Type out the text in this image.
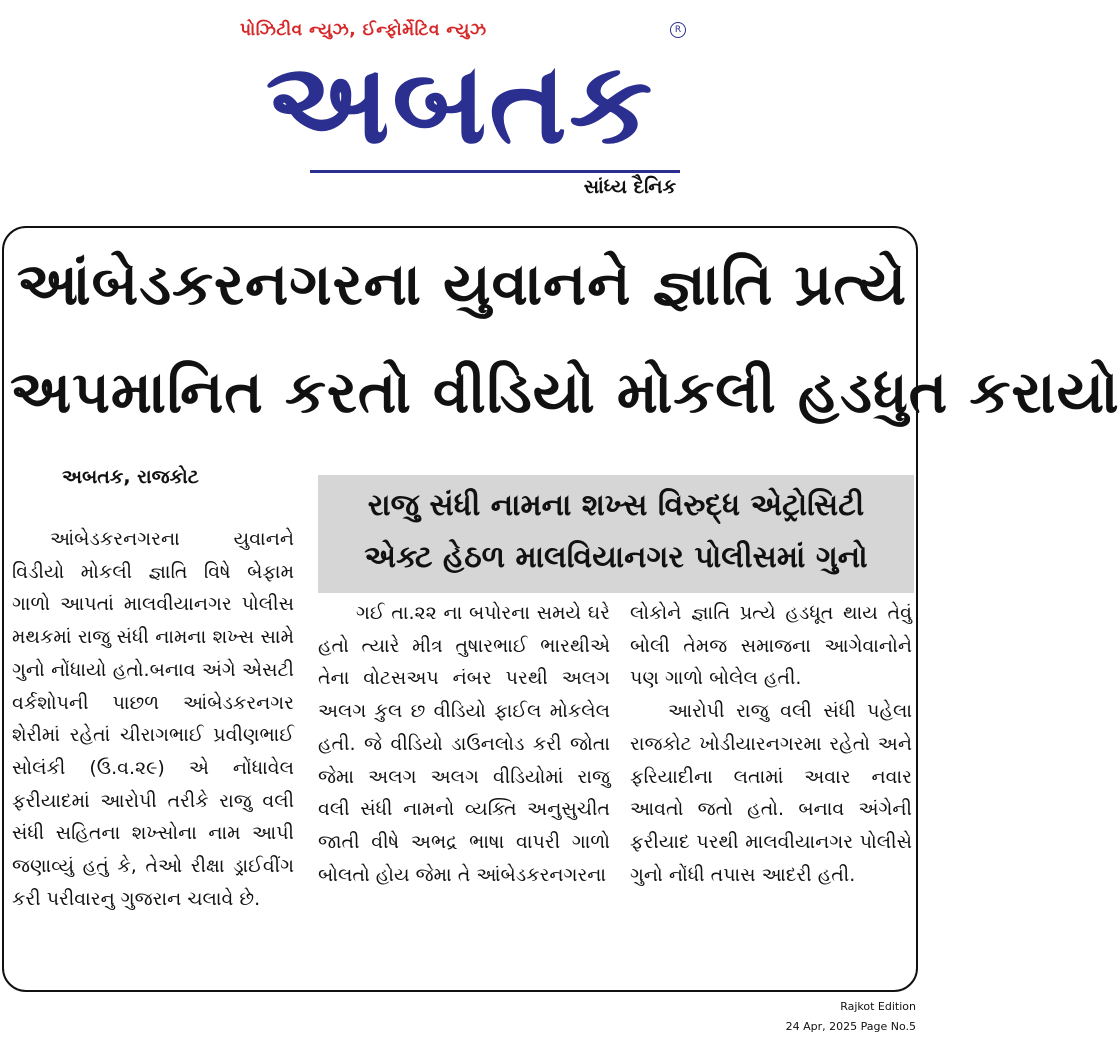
પોઝિટીવ ન્યુઝ, ઈન્ફોર્મેટિવ ન્યુઝ	R
અબતક
સાંધ્ય દૈનિક
આંબેડકરનગરના યુવાનને જ્ઞાતિ પ્રત્યે
અપમાનિત કરતો વીડિયો મોકલી હડધુત કરાયો
રાજુ સંધી નામના શખ્સ વિરુદ્ધ એટ્રોસિટી
એક્ટ હેઠળ માલવિયાનગર પોલીસમાં ગુનો
અબતક, રાજકોટ

આંબેડકરનગરના યુવાનને વિડીયો મોકલી જ્ઞાતિ વિષે બેફામ ગાળો આપતાં માલવીયાનગર પોલીસ મથકમાં રાજુ સંધી નામના શખ્સ સામે ગુનો નોંધાયો હતો.બનાવ અંગે એસટી વર્કશોપની પાછળ આંબેડકરનગર શેરીમાં રહેતાં ચીરાગભાઈ પ્રવીણભાઈ સોલંકી (ઉ.વ.૨૯) એ નોંધાવેલ ફરીયાદમાં આરોપી તરીકે રાજુ વલી સંધી સહિતના શખ્સોના નામ આપી જણાવ્યું હતું કે, તેઓ રીક્ષા ડ્રાઈવીંગ કરી પરીવારનુ ગુજરાન ચલાવે છે.

ગઈ તા.૨૨ ના બપોરના સમયે ઘરે હતો ત્યારે મીત્ર તુષારભાઈ ભારથીએ તેના વોટસઅપ નંબર પરથી અલગ અલગ કુલ છ વીડિયો ફાઈલ મોકલેલ હતી. જે વીડિયો ડાઉનલોડ કરી જોતા જેમા અલગ અલગ વીડિયોમાં રાજુ વલી સંધી નામનો વ્યક્તિ અનુસુચીત જાતી વીષે અભદ્ર ભાષા વાપરી ગાળો બોલતો હોય જેમા તે આંબેડકરનગરના

લોકોને જ્ઞાતિ પ્રત્યે હડધૂત થાય તેવું બોલી તેમજ સમાજના આગેવાનોને પણ ગાળો બોલેલ હતી.

આરોપી રાજુ વલી સંધી પહેલા રાજકોટ ખોડીયારનગરમા રહેતો અને ફરિયાદીના લતામાં અવાર નવાર આવતો જતો હતો. બનાવ અંગેની ફરીયાદ પરથી માલવીયાનગર પોલીસે ગુનો નોંધી તપાસ આદરી હતી.

Rajkot Edition
24 Apr, 2025 Page No.5
